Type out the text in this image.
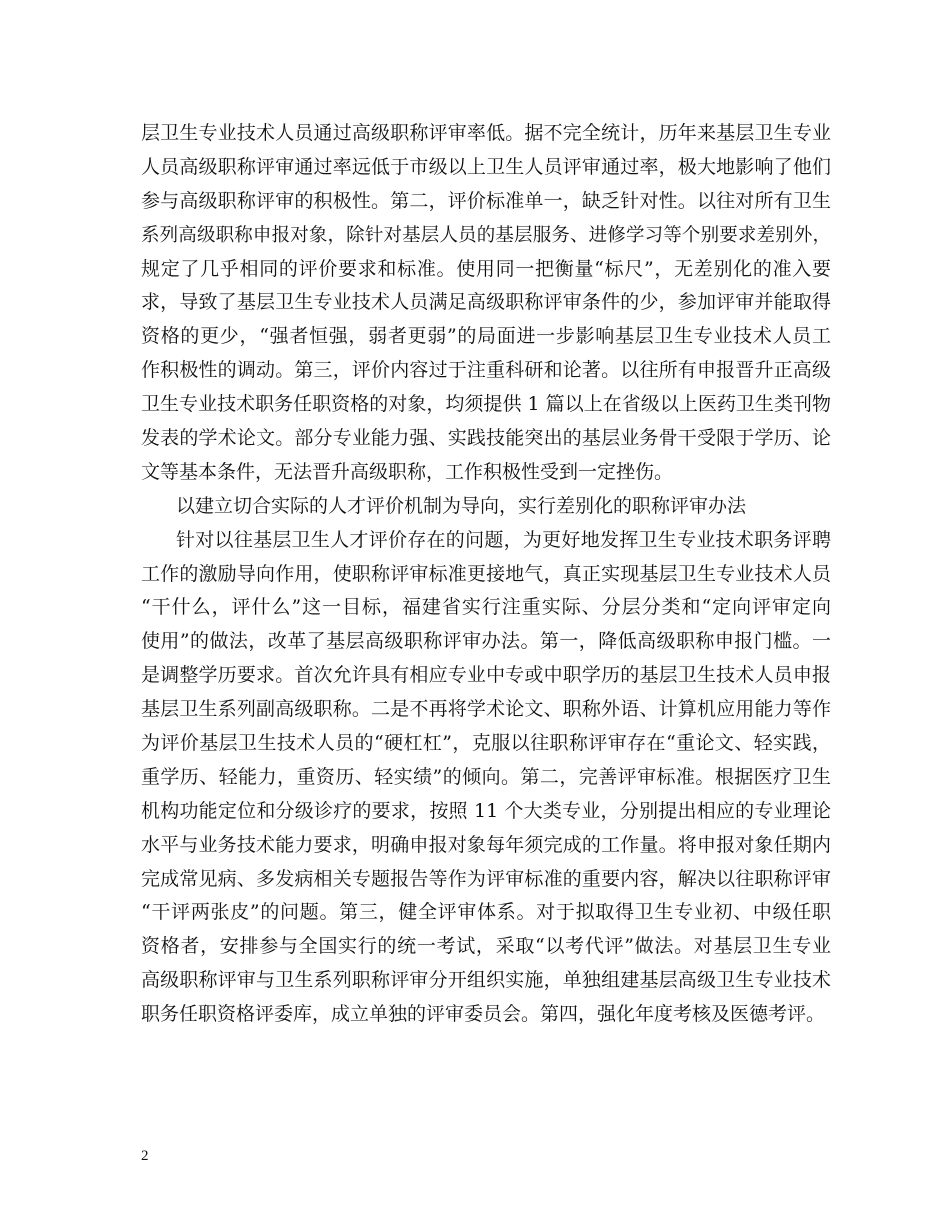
层卫生专业技术人员通过高级职称评审率低。据不完全统计，历年来基层卫生专业
人员高级职称评审通过率远低于市级以上卫生人员评审通过率，极大地影响了他们
参与高级职称评审的积极性。第二，评价标准单一，缺乏针对性。以往对所有卫生
系列高级职称申报对象，除针对基层人员的基层服务、进修学习等个别要求差别外，
规定了几乎相同的评价要求和标准。使用同一把衡量“标尺”，无差别化的准入要
求，导致了基层卫生专业技术人员满足高级职称评审条件的少，参加评审并能取得
资格的更少，“强者恒强，弱者更弱”的局面进一步影响基层卫生专业技术人员工
作积极性的调动。第三，评价内容过于注重科研和论著。以往所有申报晋升正高级
卫生专业技术职务任职资格的对象，均须提供 1 篇以上在省级以上医药卫生类刊物
发表的学术论文。部分专业能力强、实践技能突出的基层业务骨干受限于学历、论
文等基本条件，无法晋升高级职称，工作积极性受到一定挫伤。
以建立切合实际的人才评价机制为导向，实行差别化的职称评审办法
针对以往基层卫生人才评价存在的问题，为更好地发挥卫生专业技术职务评聘
工作的激励导向作用，使职称评审标准更接地气，真正实现基层卫生专业技术人员
“干什么，评什么”这一目标，福建省实行注重实际、分层分类和“定向评审定向
使用”的做法，改革了基层高级职称评审办法。第一，降低高级职称申报门槛。一
是调整学历要求。首次允许具有相应专业中专或中职学历的基层卫生技术人员申报
基层卫生系列副高级职称。二是不再将学术论文、职称外语、计算机应用能力等作
为评价基层卫生技术人员的“硬杠杠”，克服以往职称评审存在“重论文、轻实践，
重学历、轻能力，重资历、轻实绩”的倾向。第二，完善评审标准。根据医疗卫生
机构功能定位和分级诊疗的要求，按照 11 个大类专业，分别提出相应的专业理论
水平与业务技术能力要求，明确申报对象每年须完成的工作量。将申报对象任期内
完成常见病、多发病相关专题报告等作为评审标准的重要内容，解决以往职称评审
“干评两张皮”的问题。第三，健全评审体系。对于拟取得卫生专业初、中级任职
资格者，安排参与全国实行的统一考试，采取“以考代评”做法。对基层卫生专业
高级职称评审与卫生系列职称评审分开组织实施，单独组建基层高级卫生专业技术
职务任职资格评委库，成立单独的评审委员会。第四，强化年度考核及医德考评。
2
